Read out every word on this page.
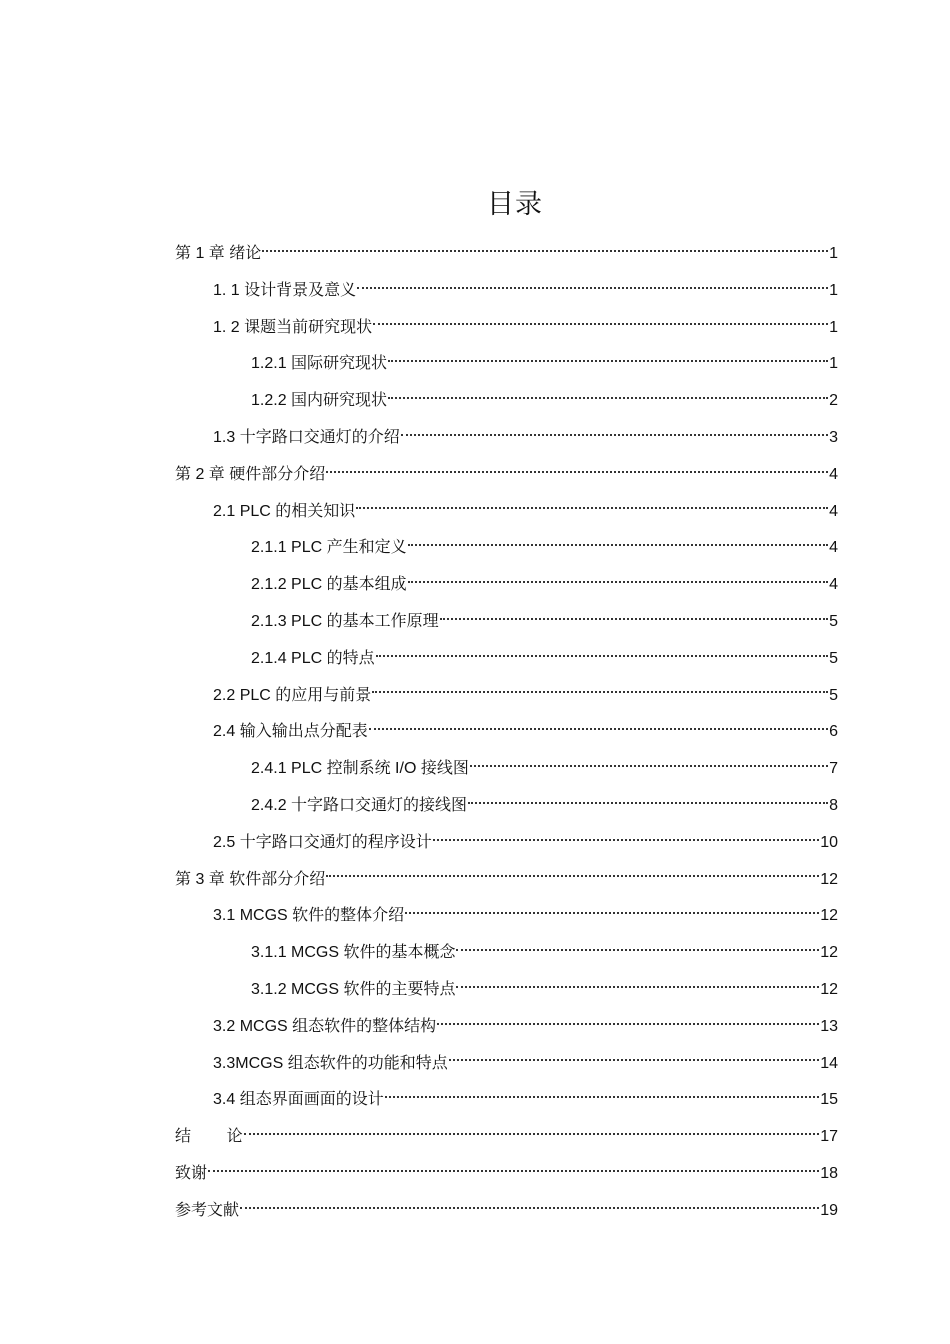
目录
第 1 章 绪论	1
1. 1 设计背景及意义	1
1. 2 课题当前研究现状	1
1.2.1 国际研究现状	1
1.2.2 国内研究现状	2
1.3 十字路口交通灯的介绍	3
第 2 章 硬件部分介绍	4
2.1 PLC 的相关知识	4
2.1.1 PLC 产生和定义	4
2.1.2 PLC 的基本组成	4
2.1.3 PLC 的基本工作原理	5
2.1.4 PLC 的特点	5
2.2 PLC 的应用与前景	5
2.4 输入输出点分配表	6
2.4.1 PLC 控制系统 I/O 接线图	7
2.4.2 十字路口交通灯的接线图	8
2.5 十字路口交通灯的程序设计	10
第 3 章 软件部分介绍	12
3.1 MCGS 软件的整体介绍	12
3.1.1 MCGS 软件的基本概念	12
3.1.2 MCGS 软件的主要特点	12
3.2 MCGS 组态软件的整体结构	13
3.3MCGS 组态软件的功能和特点	14
3.4 组态界面画面的设计	15
结        论	17
致谢	18
参考文献	19
